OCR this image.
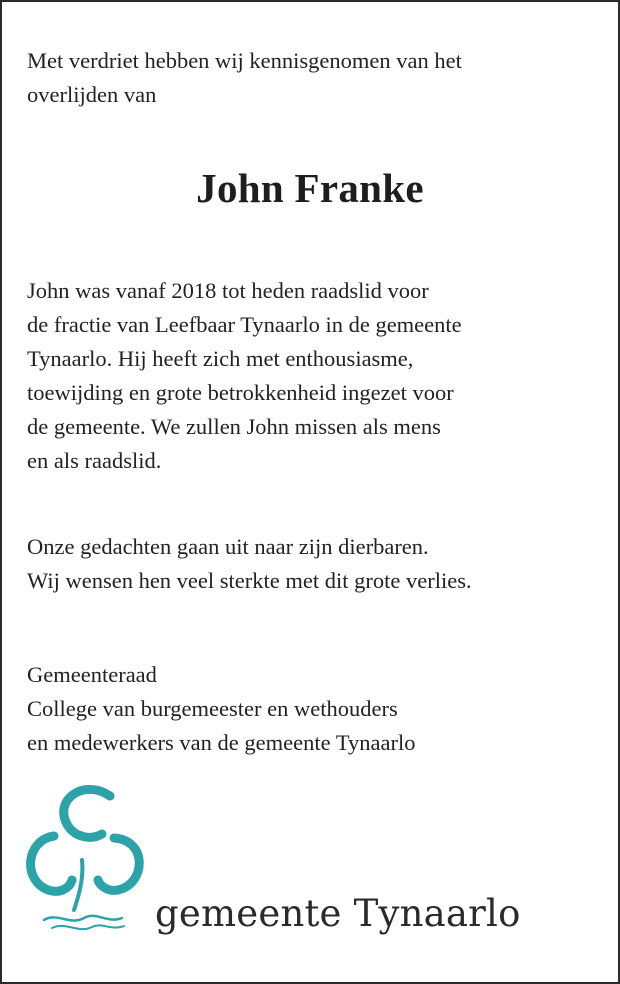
Met verdriet hebben wij kennisgenomen van het
overlijden van
John Franke
John was vanaf 2018 tot heden raadslid voor
de fractie van Leefbaar Tynaarlo in de gemeente
Tynaarlo. Hij heeft zich met enthousiasme,
toewijding en grote betrokkenheid ingezet voor
de gemeente. We zullen John missen als mens
en als raadslid.
Onze gedachten gaan uit naar zijn dierbaren.
Wij wensen hen veel sterkte met dit grote verlies.
Gemeenteraad
College van burgemeester en wethouders
en medewerkers van de gemeente Tynaarlo
gemeente Tynaarlo
